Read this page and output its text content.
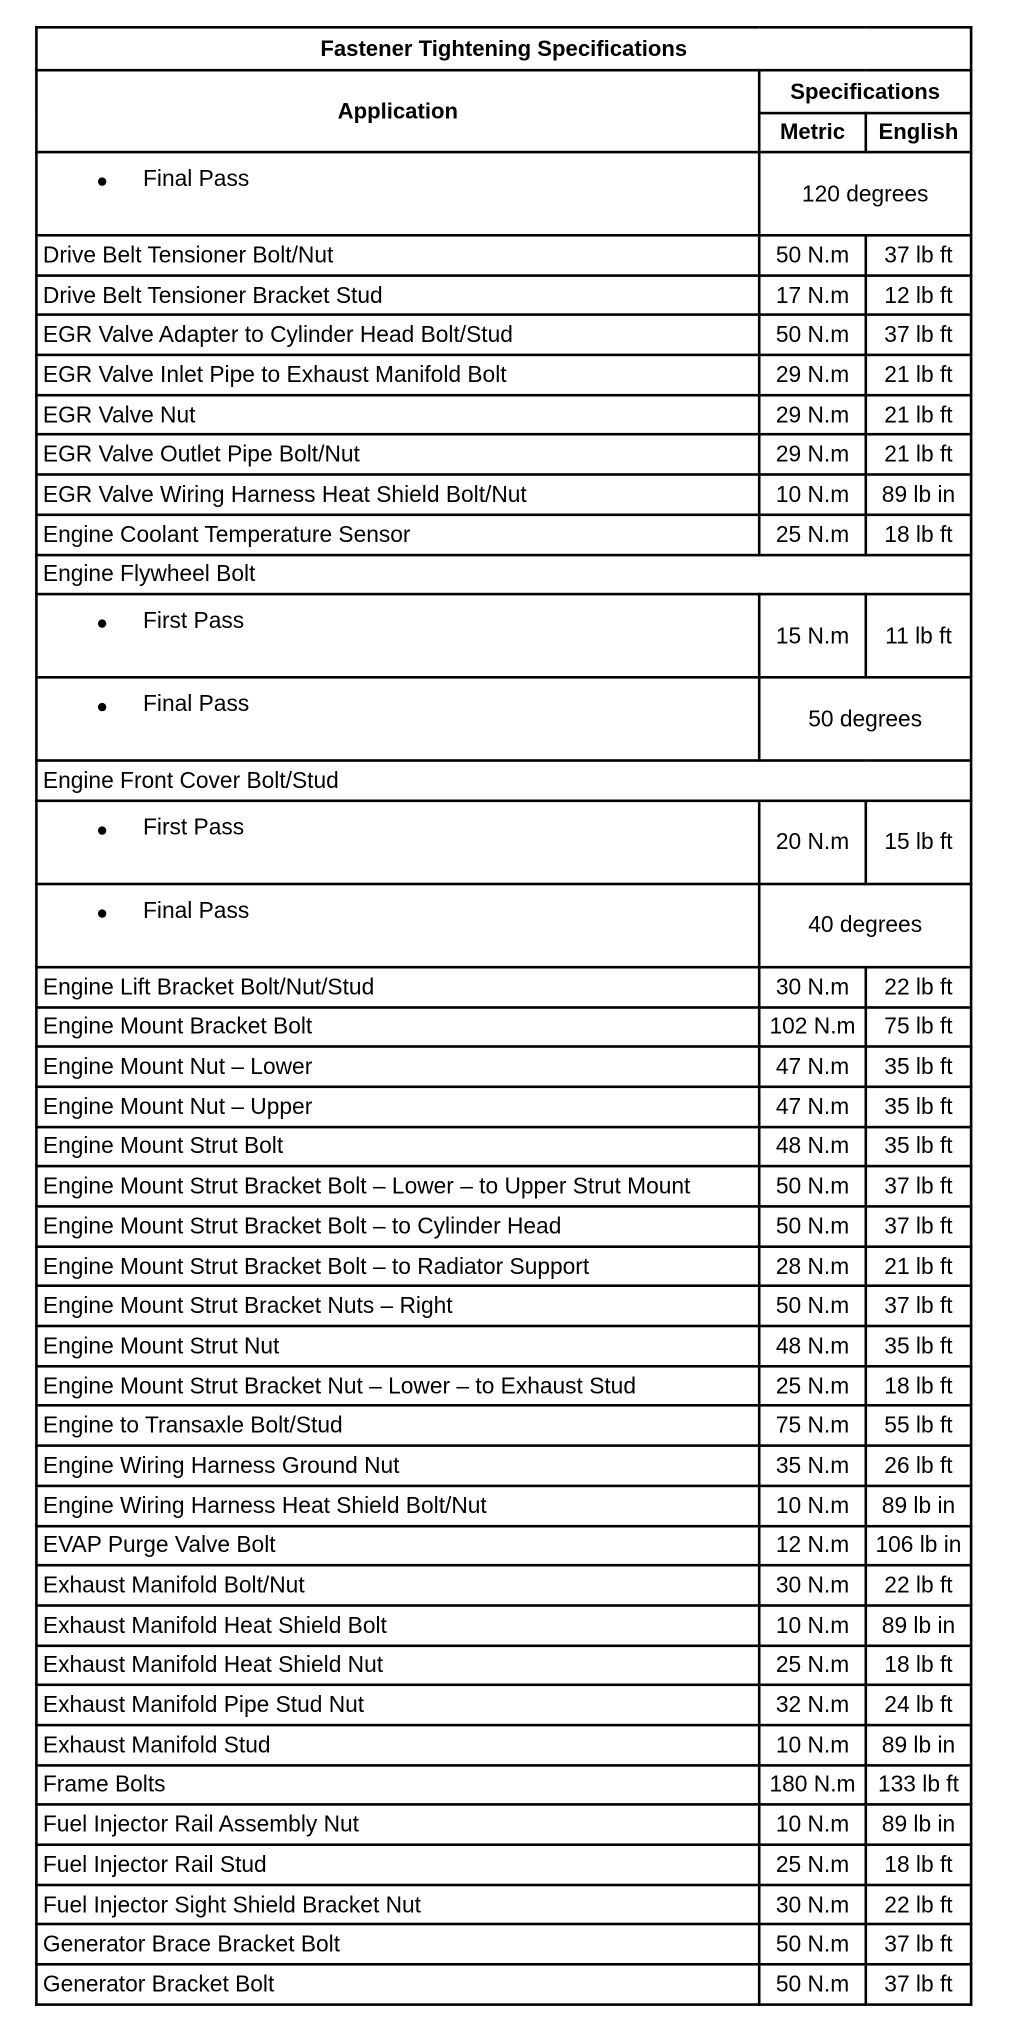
Fastener Tightening Specifications		
Application	Specifications	
	Metric	English

● Final Pass	120 degrees	
Drive Belt Tensioner Bolt/Nut	50 N.m	37 lb ft
Drive Belt Tensioner Bracket Stud	17 N.m	12 lb ft
EGR Valve Adapter to Cylinder Head Bolt/Stud	50 N.m	37 lb ft
EGR Valve Inlet Pipe to Exhaust Manifold Bolt	29 N.m	21 lb ft
EGR Valve Nut	29 N.m	21 lb ft
EGR Valve Outlet Pipe Bolt/Nut	29 N.m	21 lb ft
EGR Valve Wiring Harness Heat Shield Bolt/Nut	10 N.m	89 lb in
Engine Coolant Temperature Sensor	25 N.m	18 lb ft
Engine Flywheel Bolt		

● First Pass	15 N.m	11 lb ft

● Final Pass	50 degrees	
Engine Front Cover Bolt/Stud		

● First Pass	20 N.m	15 lb ft

● Final Pass	40 degrees	
Engine Lift Bracket Bolt/Nut/Stud	30 N.m	22 lb ft
Engine Mount Bracket Bolt	102 N.m	75 lb ft
Engine Mount Nut – Lower	47 N.m	35 lb ft
Engine Mount Nut – Upper	47 N.m	35 lb ft
Engine Mount Strut Bolt	48 N.m	35 lb ft
Engine Mount Strut Bracket Bolt – Lower – to Upper Strut Mount	50 N.m	37 lb ft
Engine Mount Strut Bracket Bolt – to Cylinder Head	50 N.m	37 lb ft
Engine Mount Strut Bracket Bolt – to Radiator Support	28 N.m	21 lb ft
Engine Mount Strut Bracket Nuts – Right	50 N.m	37 lb ft
Engine Mount Strut Nut	48 N.m	35 lb ft
Engine Mount Strut Bracket Nut – Lower – to Exhaust Stud	25 N.m	18 lb ft
Engine to Transaxle Bolt/Stud	75 N.m	55 lb ft
Engine Wiring Harness Ground Nut	35 N.m	26 lb ft
Engine Wiring Harness Heat Shield Bolt/Nut	10 N.m	89 lb in
EVAP Purge Valve Bolt	12 N.m	106 lb in
Exhaust Manifold Bolt/Nut	30 N.m	22 lb ft
Exhaust Manifold Heat Shield Bolt	10 N.m	89 lb in
Exhaust Manifold Heat Shield Nut	25 N.m	18 lb ft
Exhaust Manifold Pipe Stud Nut	32 N.m	24 lb ft
Exhaust Manifold Stud	10 N.m	89 lb in
Frame Bolts	180 N.m	133 lb ft
Fuel Injector Rail Assembly Nut	10 N.m	89 lb in
Fuel Injector Rail Stud	25 N.m	18 lb ft
Fuel Injector Sight Shield Bracket Nut	30 N.m	22 lb ft
Generator Brace Bracket Bolt	50 N.m	37 lb ft
Generator Bracket Bolt	50 N.m	37 lb ft
